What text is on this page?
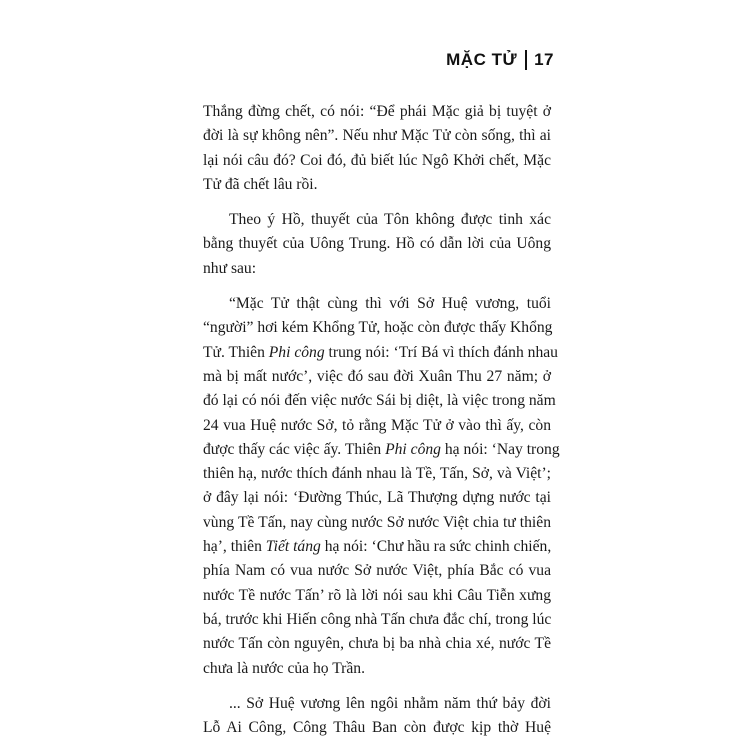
MẶC TỬ 17

Thắng đừng chết, có nói: “Để phái Mặc giả bị tuyệt ở
đời là sự không nên”. Nếu như Mặc Tử còn sống, thì ai
lại nói câu đó? Coi đó, đủ biết lúc Ngô Khởi chết, Mặc
Tử đã chết lâu rồi.

Theo ý Hồ, thuyết của Tôn không được tinh xác
bằng thuyết của Uông Trung. Hồ có dẫn lời của Uông
như sau:

“Mặc Tử thật cùng thì với Sở Huệ vương, tuổi
“người” hơi kém Khổng Tử, hoặc còn được thấy Khổng
Tử. Thiên Phi công trung nói: ‘Trí Bá vì thích đánh nhau
mà bị mất nước’, việc đó sau đời Xuân Thu 27 năm; ở
đó lại có nói đến việc nước Sái bị diệt, là việc trong năm
24 vua Huệ nước Sở, tỏ rằng Mặc Tử ở vào thì ấy, còn
được thấy các việc ấy. Thiên Phi công hạ nói: ‘Nay trong
thiên hạ, nước thích đánh nhau là Tề, Tấn, Sở, và Việt’;
ở đây lại nói: ‘Đường Thúc, Lã Thượng dựng nước tại
vùng Tề Tấn, nay cùng nước Sở nước Việt chia tư thiên
hạ’, thiên Tiết táng hạ nói: ‘Chư hầu ra sức chinh chiến,
phía Nam có vua nước Sở nước Việt, phía Bắc có vua
nước Tề nước Tấn’ rõ là lời nói sau khi Câu Tiễn xưng
bá, trước khi Hiến công nhà Tấn chưa đắc chí, trong lúc
nước Tấn còn nguyên, chưa bị ba nhà chia xé, nước Tề
chưa là nước của họ Trần.

... Sở Huệ vương lên ngôi nhằm năm thứ bảy đời
Lỗ Ai Công, Công Thâu Ban còn được kịp thờ Huệ
